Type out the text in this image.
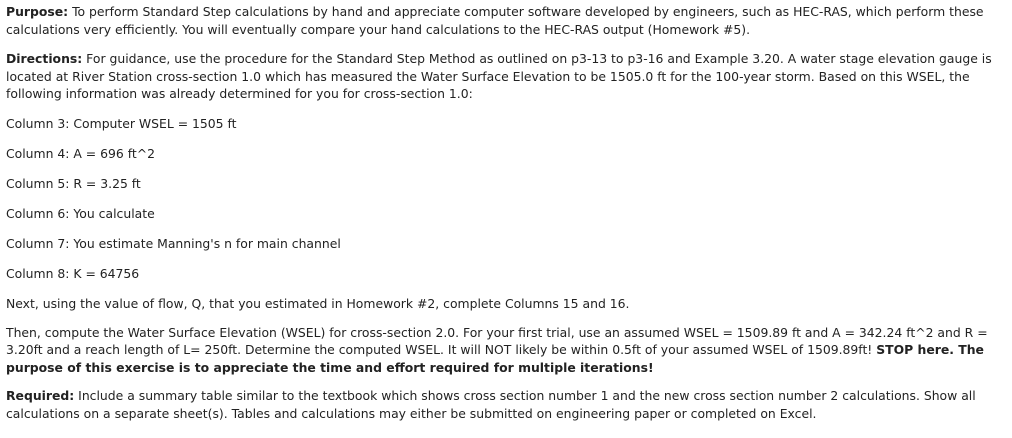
Purpose: To perform Standard Step calculations by hand and appreciate computer software developed by engineers, such as HEC-RAS, which perform these calculations very efficiently. You will eventually compare your hand calculations to the HEC-RAS output (Homework #5).

Directions: For guidance, use the procedure for the Standard Step Method as outlined on p3-13 to p3-16 and Example 3.20. A water stage elevation gauge is located at River Station cross-section 1.0 which has measured the Water Surface Elevation to be 1505.0 ft for the 100-year storm. Based on this WSEL, the following information was already determined for you for cross-section 1.0:

Column 3: Computer WSEL = 1505 ft

Column 4: A = 696 ft^2

Column 5: R = 3.25 ft

Column 6: You calculate

Column 7: You estimate Manning's n for main channel

Column 8: K = 64756

Next, using the value of flow, Q, that you estimated in Homework #2, complete Columns 15 and 16.

Then, compute the Water Surface Elevation (WSEL) for cross-section 2.0. For your first trial, use an assumed WSEL = 1509.89 ft and A = 342.24 ft^2 and R = 3.20ft and a reach length of L= 250ft. Determine the computed WSEL. It will NOT likely be within 0.5ft of your assumed WSEL of 1509.89ft! STOP here. The purpose of this exercise is to appreciate the time and effort required for multiple iterations!

Required: Include a summary table similar to the textbook which shows cross section number 1 and the new cross section number 2 calculations. Show all calculations on a separate sheet(s). Tables and calculations may either be submitted on engineering paper or completed on Excel.
